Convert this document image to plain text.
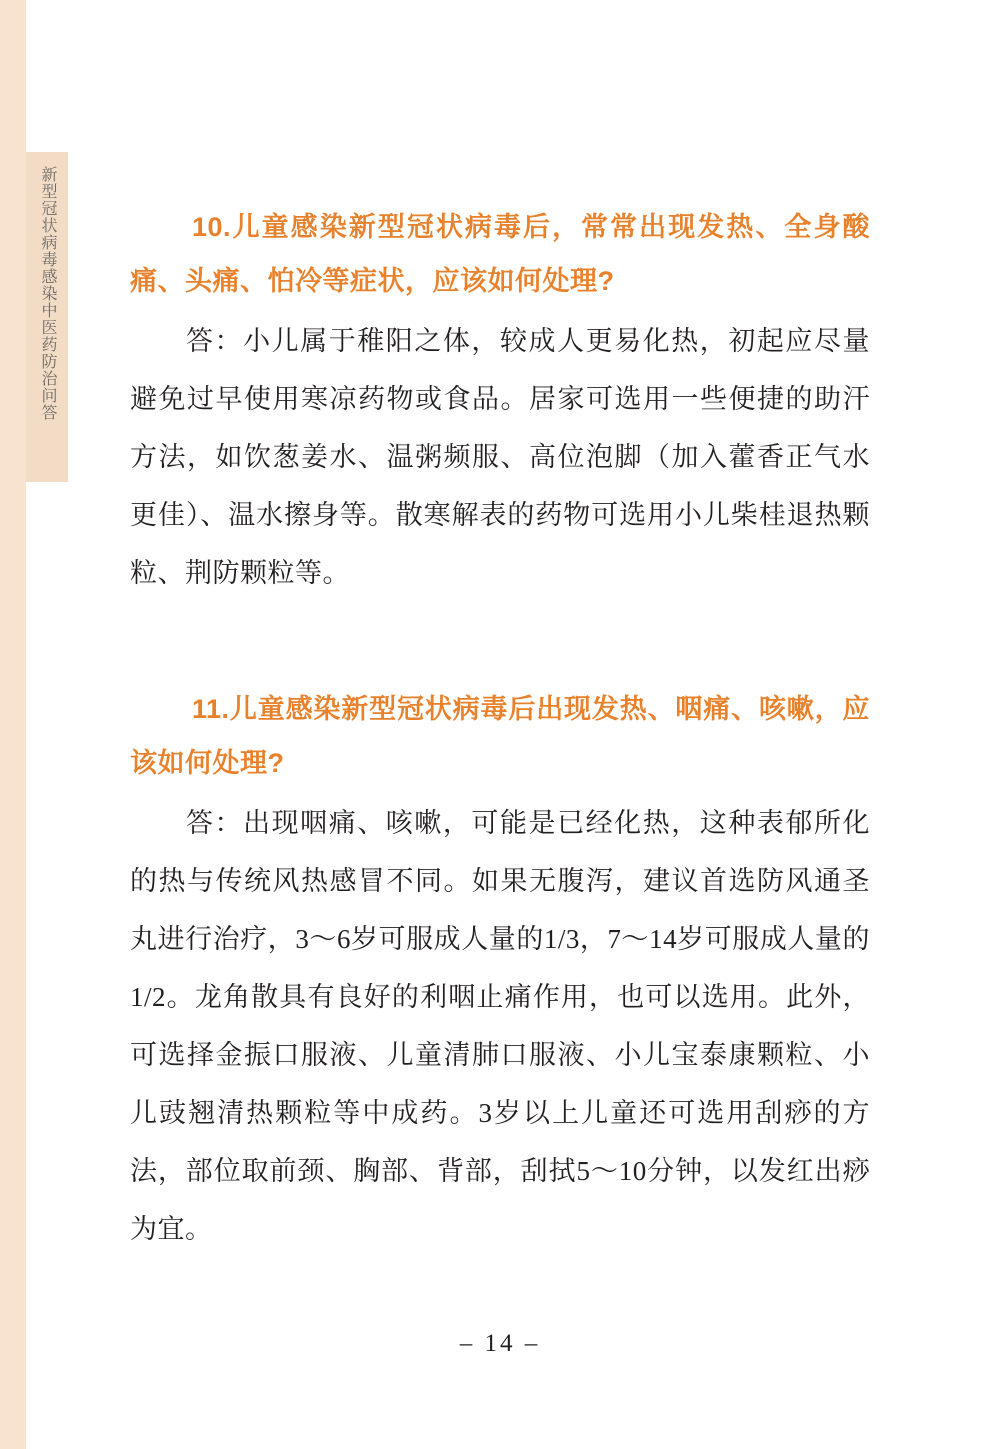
新型冠状病毒感染中医药防治问答	10.儿童感染新型冠状病毒后，常常出现发热、全身酸痛、头痛、怕冷等症状，应该如何处理?

答：小儿属于稚阳之体，较成人更易化热，初起应尽量避免过早使用寒凉药物或食品。居家可选用一些便捷的助汗方法，如饮葱姜水、温粥频服、高位泡脚（加入藿香正气水更佳）、温水擦身等。散寒解表的药物可选用小儿柴桂退热颗粒、荆防颗粒等。

11.儿童感染新型冠状病毒后出现发热、咽痛、咳嗽，应该如何处理?

答：出现咽痛、咳嗽，可能是已经化热，这种表郁所化的热与传统风热感冒不同。如果无腹泻，建议首选防风通圣丸进行治疗，3～6岁可服成人量的1/3，7～14岁可服成人量的1/2。龙角散具有良好的利咽止痛作用，也可以选用。此外，可选择金振口服液、儿童清肺口服液、小儿宝泰康颗粒、小儿豉翘清热颗粒等中成药。3岁以上儿童还可选用刮痧的方法，部位取前颈、胸部、背部，刮拭5～10分钟，以发红出痧为宜。

– 14 –
